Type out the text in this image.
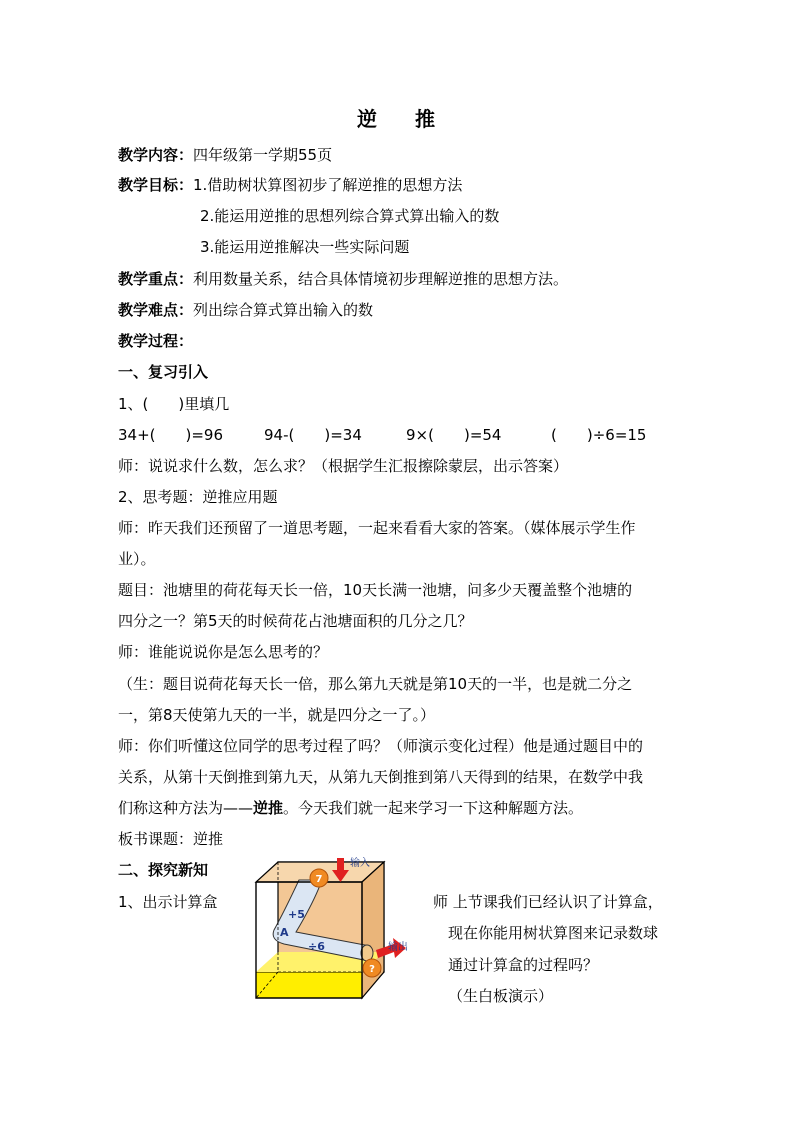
逆 推
教学内容：四年级第一学期55页
教学目标：1.借助树状算图初步了解逆推的思想方法
2.能运用逆推的思想列综合算式算出输入的数
3.能运用逆推解决一些实际问题
教学重点：利用数量关系，结合具体情境初步理解逆推的思想方法。
教学难点：列出综合算式算出输入的数
教学过程：
一、复习引入
1、(　　)里填几
34+(　　)=96	94-(　　)=34	9×(　　)=54	(　　)÷6=15
师：说说求什么数，怎么求？（根据学生汇报擦除蒙层，出示答案）
2、思考题：逆推应用题
师：昨天我们还预留了一道思考题，一起来看看大家的答案。（媒体展示学生作
业）。
题目：池塘里的荷花每天长一倍，10天长满一池塘，问多少天覆盖整个池塘的
四分之一？第5天的时候荷花占池塘面积的几分之几？
师：谁能说说你是怎么思考的？
（生：题目说荷花每天长一倍，那么第九天就是第10天的一半，也是就二分之
一，第8天使第九天的一半，就是四分之一了。）
师：你们听懂这位同学的思考过程了吗？（师演示变化过程）他是通过题目中的
关系，从第十天倒推到第九天，从第九天倒推到第八天得到的结果，在数学中我
们称这种方法为——逆推。今天我们就一起来学习一下这种解题方法。
板书课题：逆推
二、探究新知
1、出示计算盒
7
输入
+5
A
÷6
?
输出
师 上节课我们已经认识了计算盒，
现在你能用树状算图来记录数球
通过计算盒的过程吗？
（生白板演示）
